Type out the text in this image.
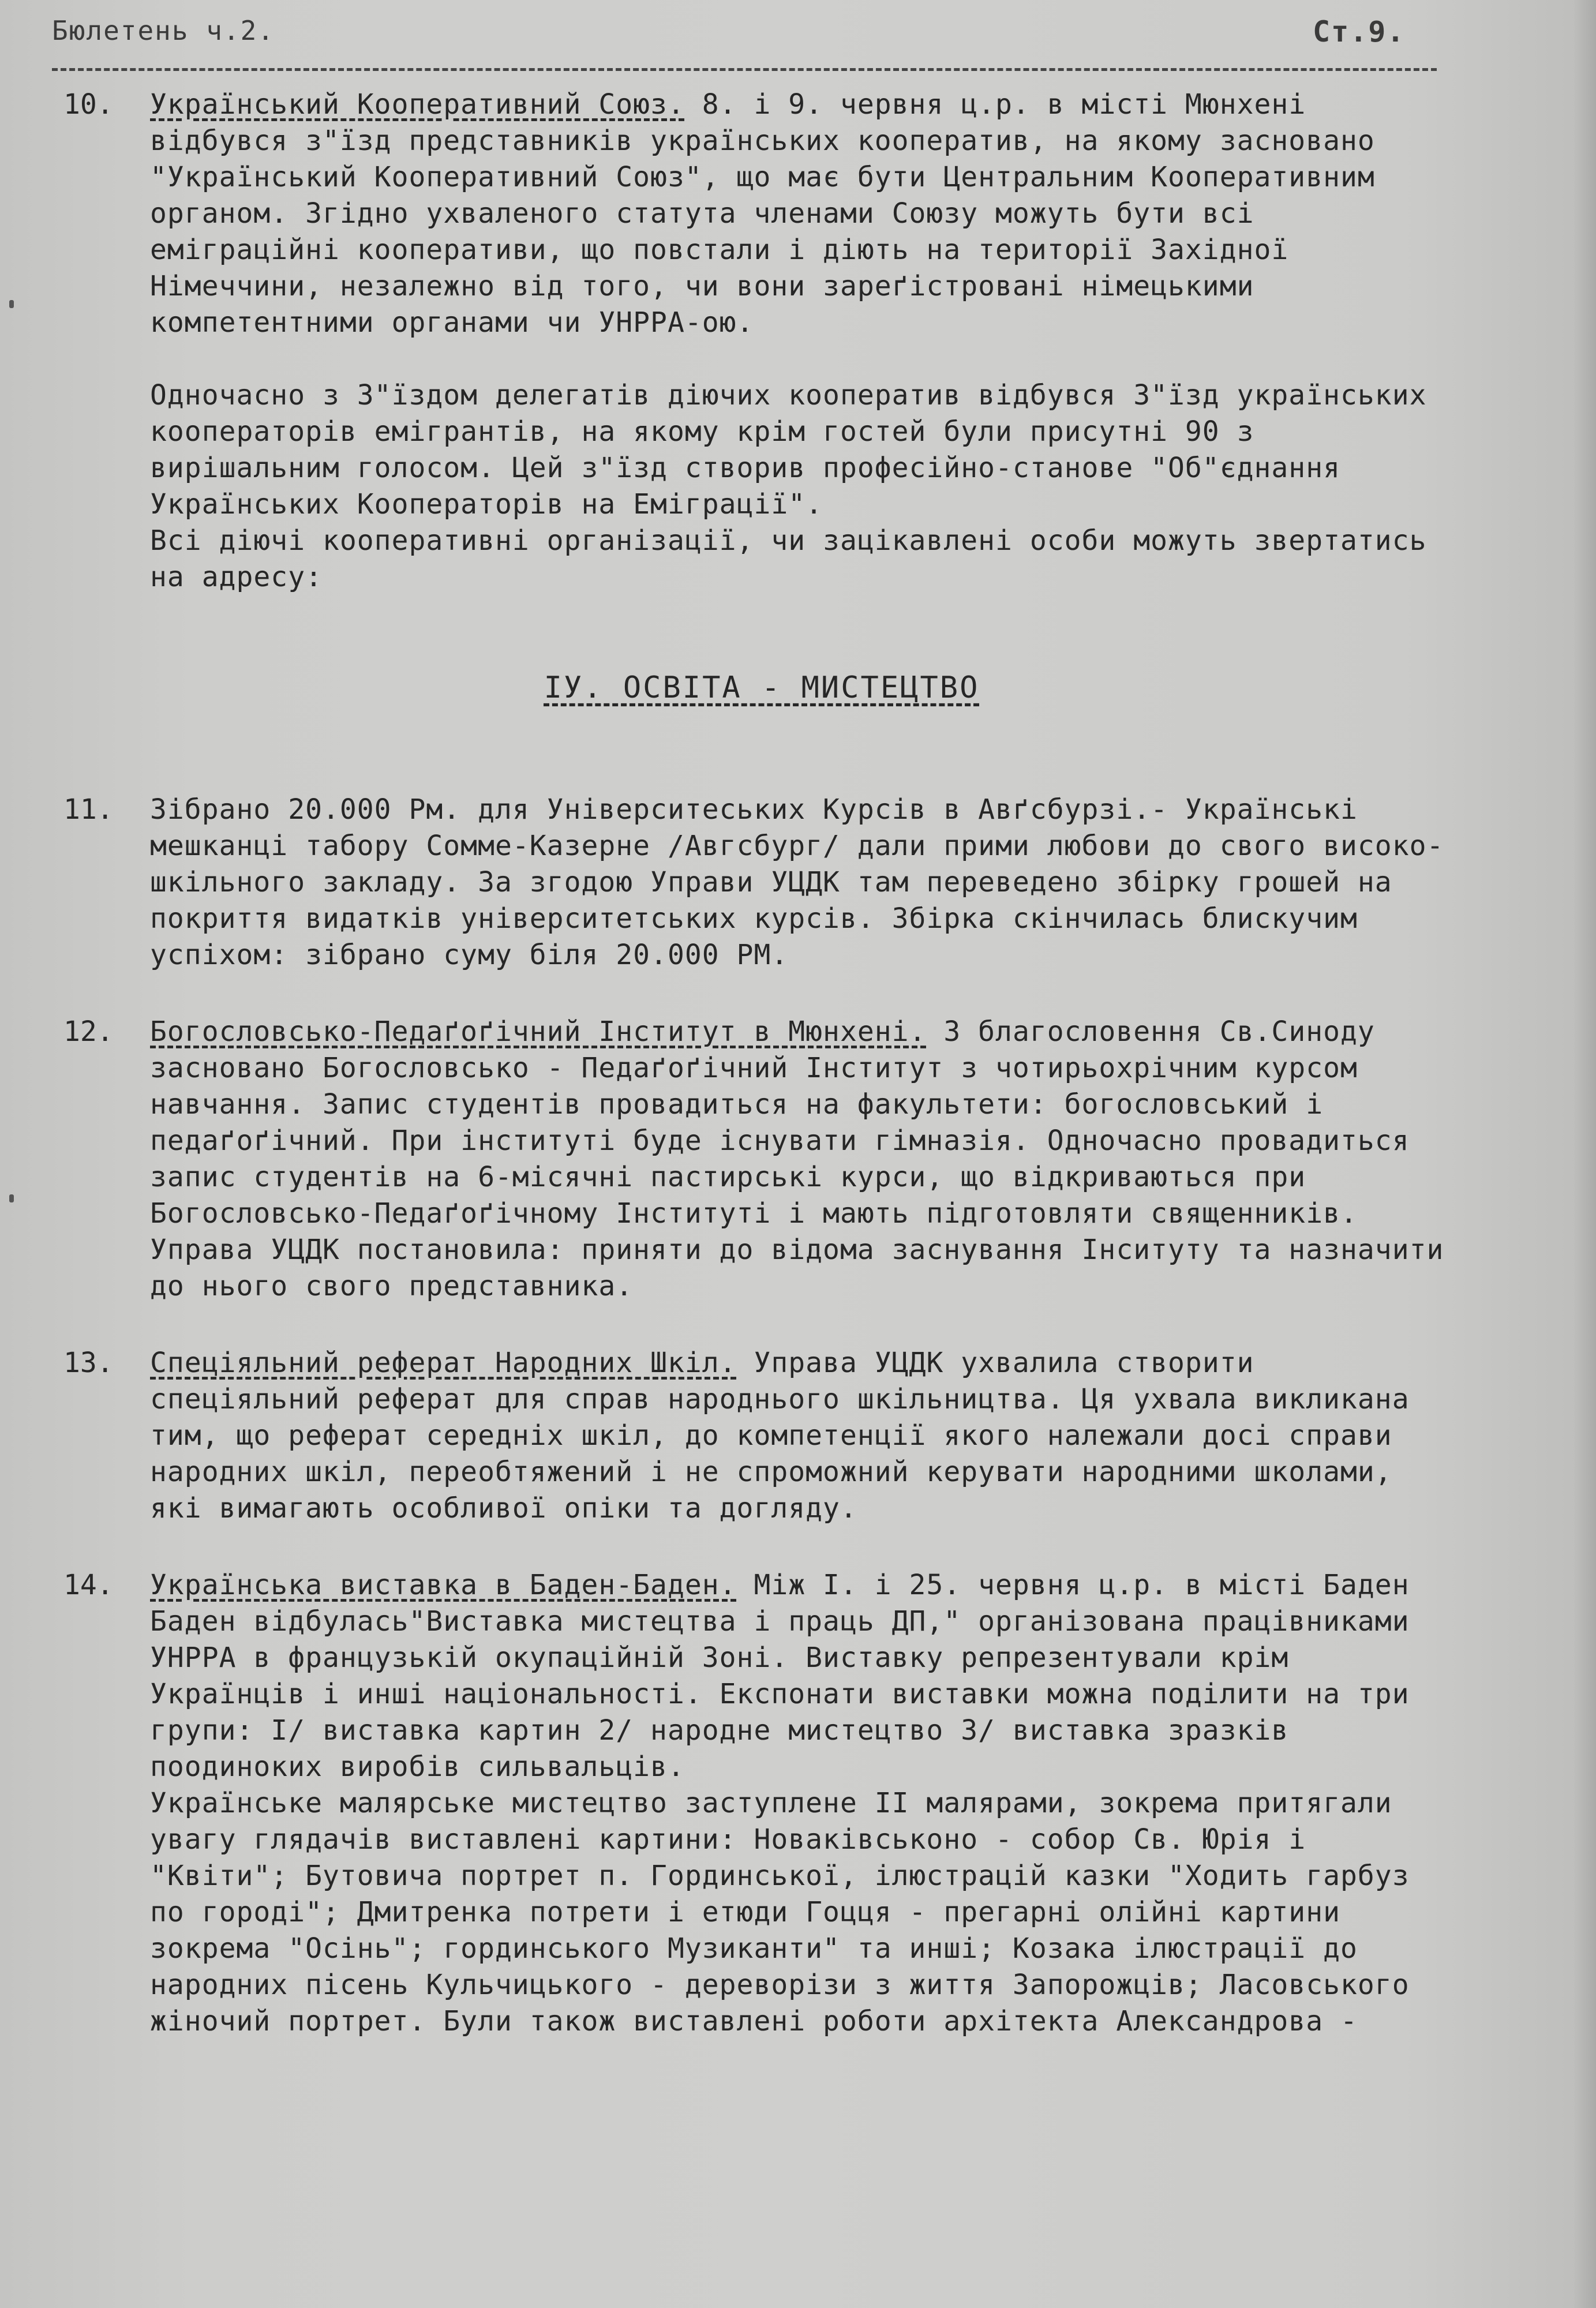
Бюлетень ч.2.	Ст.9.
10. Український Кооперативний Союз. 8. і 9. червня ц.р. в місті Мюнхені відбувся з"їзд представників українських кооператив, на якому засновано "Український Кооперативний Союз", що має бути Центральним Кооперативним органом. Згідно ухваленого статута членами Союзу можуть бути всі еміграційні кооперативи, що повстали і діють на території Західної Німеччини, незалежно від того, чи вони зареґістровані німецькими компетентними органами чи УНРРА-ою.

Одночасно з З"їздом делегатів діючих кооператив відбувся З"їзд українських кооператорів емігрантів, на якому крім гостей були присутні 90 з вирішальним голосом. Цей з"їзд створив професійно-станове "Об"єднання Українських Кооператорів на Еміграції".

Всі діючі кооперативні організації, чи зацікавлені особи можуть звертатись на адресу:

ІУ. ОСВІТА - МИСТЕЦТВО
11. Зібрано 20.000 Рм. для Університеських Курсів в Авґсбурзі.- Українські мешканці табору Сомме-Казерне /Авгсбург/ дали прими любови до свого високо-шкільного закладу. За згодою Управи УЦДК там переведено збірку грошей на покриття видатків університетських курсів. Збірка скінчилась блискучим успіхом: зібрано суму біля 20.000 РМ.

12. Богословсько-Педаґоґічний Інститут в Мюнхені. З благословення Св.Синоду засновано Богословсько - Педаґоґічний Інститут з чотирьохрічним курсом навчання. Запис студентів провадиться на факультети: богословський і педаґоґічний. При інституті буде існувати гімназія. Одночасно провадиться запис студентів на 6-місячні пастирські курси, що відкриваються при Богословсько-Педаґоґічному Інституті і мають підготовляти священників.

Управа УЦДК постановила: приняти до відома заснування Інситуту та назначити до нього свого представника.

13. Спеціяльний реферат Народних Шкіл. Управа УЦДК ухвалила створити спеціяльний реферат для справ народнього шкільництва. Ця ухвала викликана тим, що реферат середніх шкіл, до компетенції якого належали досі справи народних шкіл, переобтяжений і не спроможний керувати народними школами, які вимагають особливої опіки та догляду.

14. Українська виставка в Баден-Баден. Між І. і 25. червня ц.р. в місті Баден Баден відбулась"Виставка мистецтва і праць ДП," організована працівниками УНРРА в французькій окупаційній Зоні. Виставку репрезентували крім Українців і инші національності. Експонати виставки можна поділити на три групи: І/ виставка картин 2/ народне мистецтво 3/ виставка зразків поодиноких виробів сильвальців.

Українське малярське мистецтво заступлене II малярами, зокрема притягали увагу глядачів виставлені картини: Новаківськоно - собор Св. Юрія і "Квіти"; Бутовича портрет п. Гординської, ілюстрацій казки "Ходить гарбуз по городі"; Дмитренка потрети і етюди Гоцця - прегарні олійні картини зокрема "Осінь"; гординського Музиканти" та инші; Козака ілюстрації до народних пісень Кульчицького - дереворізи з життя Запорожців; Ласовського жіночий портрет. Були також виставлені роботи архітекта Александрова -
